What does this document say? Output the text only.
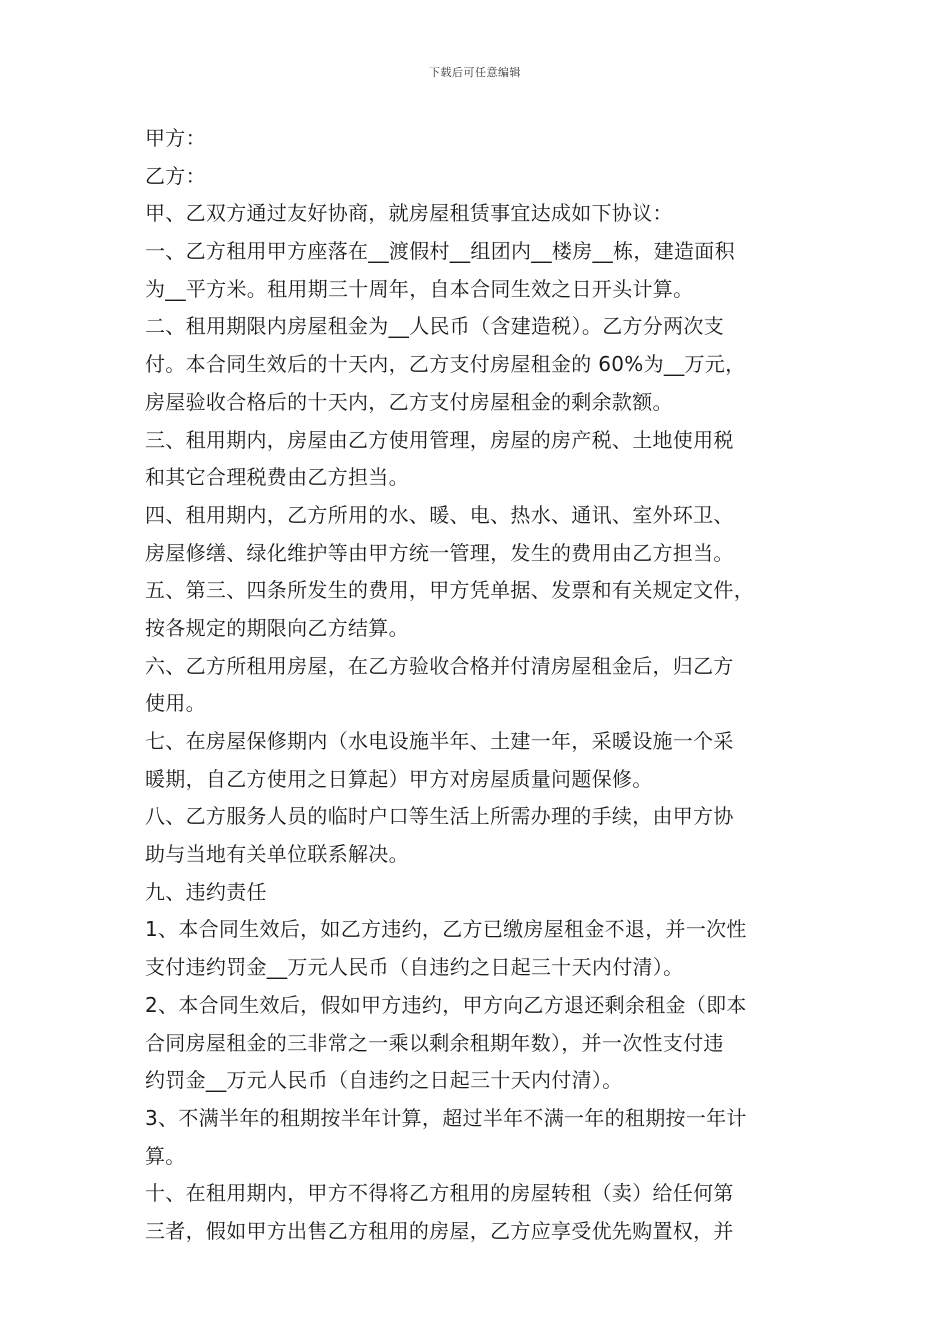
下载后可任意编辑
甲方：
乙方：
甲、乙双方通过友好协商，就房屋租赁事宜达成如下协议：
一、乙方租用甲方座落在__渡假村__组团内__楼房__栋，建造面积
为__平方米。租用期三十周年，自本合同生效之日开头计算。
二、租用期限内房屋租金为__人民币（含建造税）。乙方分两次支
付。本合同生效后的十天内，乙方支付房屋租金的 60%为__万元，
房屋验收合格后的十天内，乙方支付房屋租金的剩余款额。
三、租用期内，房屋由乙方使用管理，房屋的房产税、土地使用税
和其它合理税费由乙方担当。
四、租用期内，乙方所用的水、暖、电、热水、通讯、室外环卫、
房屋修缮、绿化维护等由甲方统一管理，发生的费用由乙方担当。
五、第三、四条所发生的费用，甲方凭单据、发票和有关规定文件，
按各规定的期限向乙方结算。
六、乙方所租用房屋，在乙方验收合格并付清房屋租金后，归乙方
使用。
七、在房屋保修期内（水电设施半年、土建一年，采暖设施一个采
暖期，自乙方使用之日算起）甲方对房屋质量问题保修。
八、乙方服务人员的临时户口等生活上所需办理的手续，由甲方协
助与当地有关单位联系解决。
九、违约责任
1、本合同生效后，如乙方违约，乙方已缴房屋租金不退，并一次性
支付违约罚金__万元人民币（自违约之日起三十天内付清）。
2、本合同生效后，假如甲方违约，甲方向乙方退还剩余租金（即本
合同房屋租金的三非常之一乘以剩余租期年数），并一次性支付违
约罚金__万元人民币（自违约之日起三十天内付清）。
3、不满半年的租期按半年计算，超过半年不满一年的租期按一年计
算。
十、在租用期内，甲方不得将乙方租用的房屋转租（卖）给任何第
三者，假如甲方出售乙方租用的房屋，乙方应享受优先购置权，并
